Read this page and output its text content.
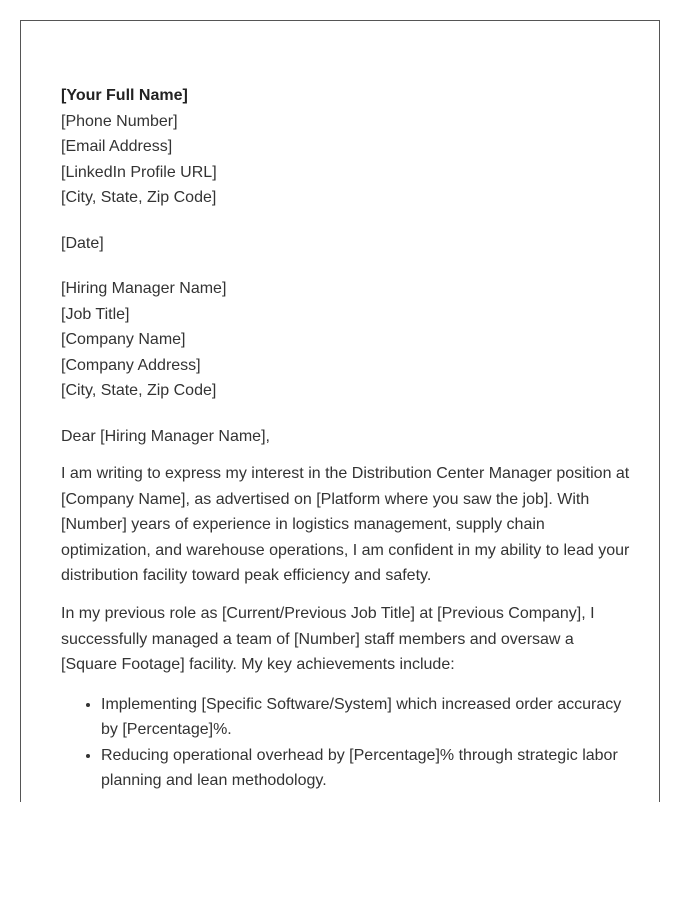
[Your Full Name]
[Phone Number]
[Email Address]
[LinkedIn Profile URL]
[City, State, Zip Code]
[Date]
[Hiring Manager Name]
[Job Title]
[Company Name]
[Company Address]
[City, State, Zip Code]
Dear [Hiring Manager Name],

I am writing to express my interest in the Distribution Center Manager position at [Company Name], as advertised on [Platform where you saw the job]. With [Number] years of experience in logistics management, supply chain optimization, and warehouse operations, I am confident in my ability to lead your distribution facility toward peak efficiency and safety.

In my previous role as [Current/Previous Job Title] at [Previous Company], I successfully managed a team of [Number] staff members and oversaw a [Square Footage] facility. My key achievements include:

• Implementing [Specific Software/System] which increased order accuracy by [Percentage]%.
• Reducing operational overhead by [Percentage]% through strategic labor planning and lean methodology.
